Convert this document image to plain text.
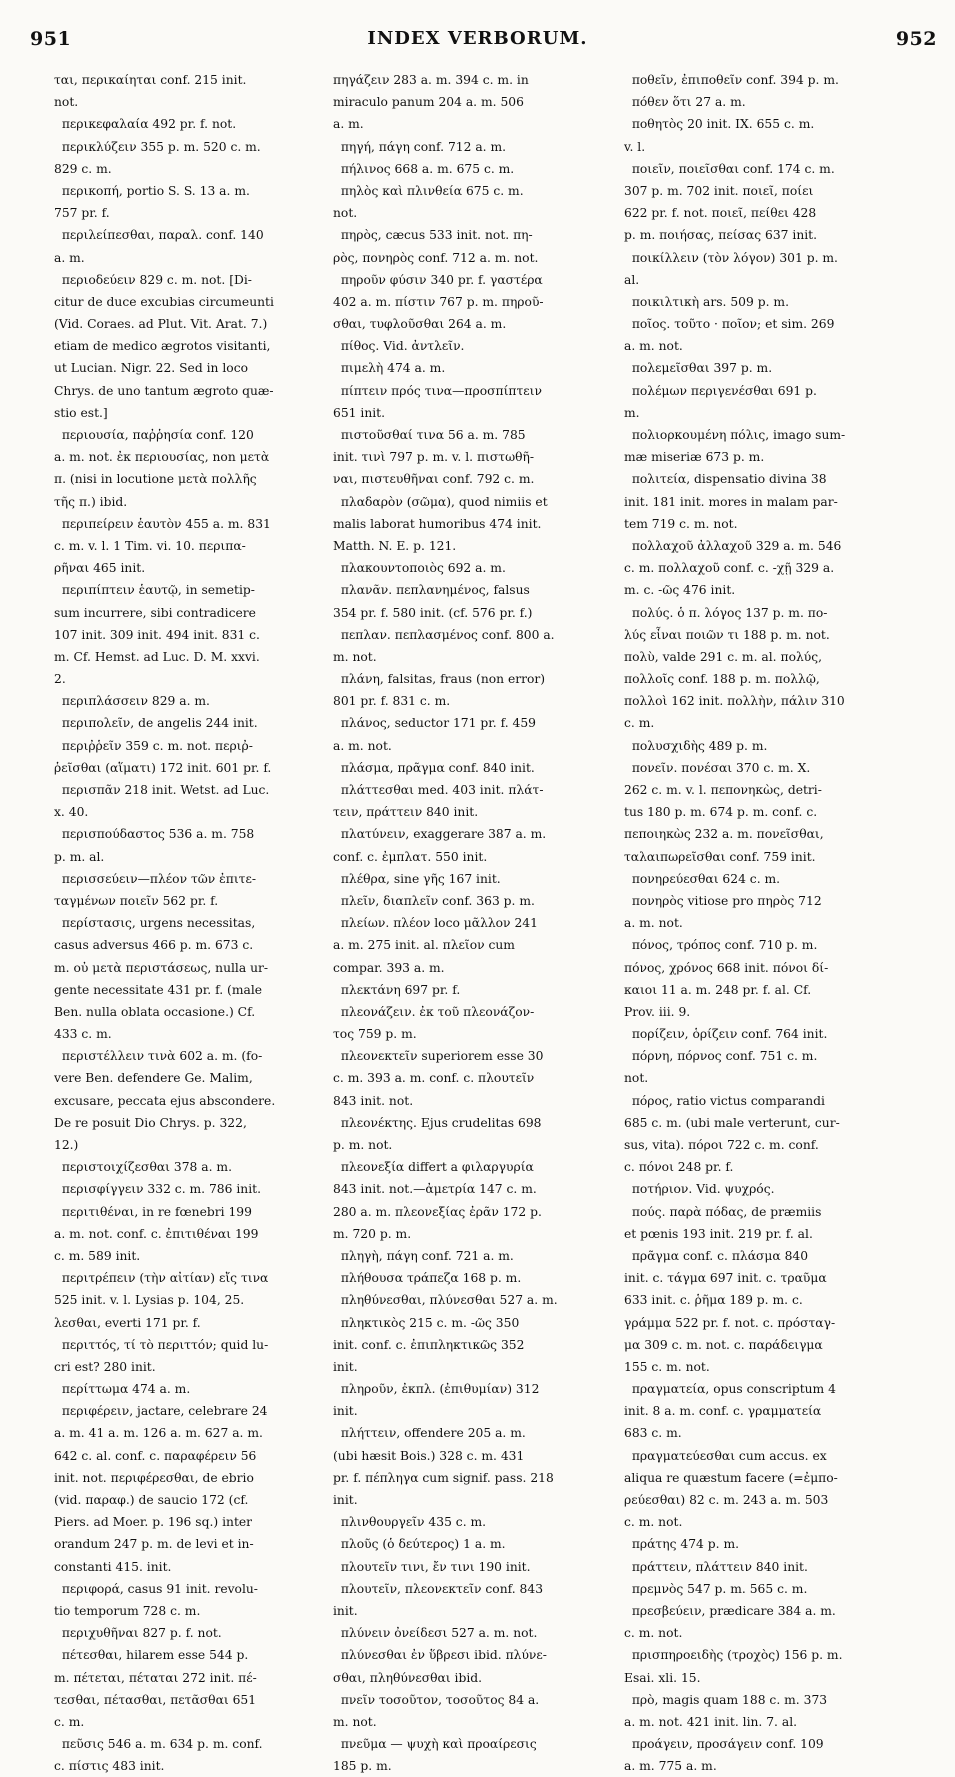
951	INDEX VERBORUM.	952
ται, περικαίηται conf. 215 init.
not.
περικεφαλαία 492 pr. f. not.
περικλύζειν 355 p. m. 520 c. m.
829 c. m.
περικοπή, portio S. S. 13 a. m.
757 pr. f.
περιλείπεσθαι, παραλ. conf. 140
a. m.
περιοδεύειν 829 c. m. not. [Di-
citur de duce excubias circumeunti
(Vid. Coraes. ad Plut. Vit. Arat. 7.)
etiam de medico ægrotos visitanti,
ut Lucian. Nigr. 22. Sed in loco
Chrys. de uno tantum ægroto quæ-
stio est.]
περιουσία, παῤῥησία conf. 120
a. m. not. ἐκ περιουσίας, non μετὰ
π. (nisi in locutione μετὰ πολλῆς
τῆς π.) ibid.
περιπείρειν ἑαυτὸν 455 a. m. 831
c. m. v. l. 1 Tim. vi. 10. περιπα-
ρῆναι 465 init.
περιπίπτειν ἑαυτῷ, in semetip-
sum incurrere, sibi contradicere
107 init. 309 init. 494 init. 831 c.
m. Cf. Hemst. ad Luc. D. M. xxvi.
2.
περιπλάσσειν 829 a. m.
περιπολεῖν, de angelis 244 init.
περιῤῥεῖν 359 c. m. not. περιῤ-
ῥεῖσθαι (αἵματι) 172 init. 601 pr. f.
περισπᾶν 218 init. Wetst. ad Luc.
x. 40.
περισπούδαστος 536 a. m. 758
p. m. al.
περισσεύειν—πλέον τῶν ἐπιτε-
ταγμένων ποιεῖν 562 pr. f.
περίστασις, urgens necessitas,
casus adversus 466 p. m. 673 c.
m. οὐ μετὰ περιστάσεως, nulla ur-
gente necessitate 431 pr. f. (male
Ben. nulla oblata occasione.) Cf.
433 c. m.
περιστέλλειν τινὰ 602 a. m. (fo-
vere Ben. defendere Ge. Malim,
excusare, peccata ejus abscondere.
De re posuit Dio Chrys. p. 322,
12.)
περιστοιχίζεσθαι 378 a. m.
περισφίγγειν 332 c. m. 786 init.
περιτιθέναι, in re fœnebri 199
a. m. not. conf. c. ἐπιτιθέναι 199
c. m. 589 init.
περιτρέπειν (τὴν αἰτίαν) εἴς τινα
525 init. v. l. Lysias p. 104, 25.
λεσθαι, everti 171 pr. f.
περιττός, τί τὸ περιττόν; quid lu-
cri est? 280 init.
περίττωμα 474 a. m.
περιφέρειν, jactare, celebrare 24
a. m. 41 a. m. 126 a. m. 627 a. m.
642 c. al. conf. c. παραφέρειν 56
init. not. περιφέρεσθαι, de ebrio
(vid. παραφ.) de saucio 172 (cf.
Piers. ad Moer. p. 196 sq.) inter
orandum 247 p. m. de levi et in-
constanti 415. init.
περιφορά, casus 91 init. revolu-
tio temporum 728 c. m.
περιχυθῆναι 827 p. f. not.
πέτεσθαι, hilarem esse 544 p.
m. πέτεται, πέταται 272 init. πέ-
τεσθαι, πέτασθαι, πετᾶσθαι 651
c. m.
πεῦσις 546 a. m. 634 p. m. conf.
c. πίστις 483 init.
πηγάζειν 283 a. m. 394 c. m. in
miraculo panum 204 a. m. 506
a. m.
πηγή, πάγη conf. 712 a. m.
πήλινος 668 a. m. 675 c. m.
πηλὸς καὶ πλινθεία 675 c. m.
not.
πηρὸς, cæcus 533 init. not. πη-
ρὸς, πονηρὸς conf. 712 a. m. not.
πηροῦν φύσιν 340 pr. f. γαστέρα
402 a. m. πίστιν 767 p. m. πηροῦ-
σθαι, τυφλοῦσθαι 264 a. m.
πίθος. Vid. ἀντλεῖν.
πιμελὴ 474 a. m.
πίπτειν πρός τινα—προσπίπτειν
651 init.
πιστοῦσθαί τινα 56 a. m. 785
init. τινὶ 797 p. m. v. l. πιστωθῆ-
ναι, πιστευθῆναι conf. 792 c. m.
πλαδαρὸν (σῶμα), quod nimiis et
malis laborat humoribus 474 init.
Matth. N. E. p. 121.
πλακουντοποιὸς 692 a. m.
πλανᾶν. πεπλανημένος, falsus
354 pr. f. 580 init. (cf. 576 pr. f.)
πεπλαν. πεπλασμένος conf. 800 a.
m. not.
πλάνη, falsitas, fraus (non error)
801 pr. f. 831 c. m.
πλάνος, seductor 171 pr. f. 459
a. m. not.
πλάσμα, πρᾶγμα conf. 840 init.
πλάττεσθαι med. 403 init. πλάτ-
τειν, πράττειν 840 init.
πλατύνειν, exaggerare 387 a. m.
conf. c. ἐμπλατ. 550 init.
πλέθρα, sine γῆς 167 init.
πλεῖν, διαπλεῖν conf. 363 p. m.
πλείων. πλέον loco μᾶλλον 241
a. m. 275 init. al. πλεῖον cum
compar. 393 a. m.
πλεκτάνη 697 pr. f.
πλεονάζειν. ἐκ τοῦ πλεονάζον-
τος 759 p. m.
πλεονεκτεῖν superiorem esse 30
c. m. 393 a. m. conf. c. πλουτεῖν
843 init. not.
πλεονέκτης. Ejus crudelitas 698
p. m. not.
πλεονεξία differt a φιλαργυρία
843 init. not.—ἀμετρία 147 c. m.
280 a. m. πλεονεξίας ἐρᾶν 172 p.
m. 720 p. m.
πληγὴ, πάγη conf. 721 a. m.
πλήθουσα τράπεζα 168 p. m.
πληθύνεσθαι, πλύνεσθαι 527 a. m.
πληκτικὸς 215 c. m. -ῶς 350
init. conf. c. ἐπιπληκτικῶς 352
init.
πληροῦν, ἐκπλ. (ἐπιθυμίαν) 312
init.
πλήττειν, offendere 205 a. m.
(ubi hæsit Bois.) 328 c. m. 431
pr. f. πέπληγα cum signif. pass. 218
init.
πλινθουργεῖν 435 c. m.
πλοῦς (ὁ δεύτερος) 1 a. m.
πλουτεῖν τινι, ἔν τινι 190 init.
πλουτεῖν, πλεονεκτεῖν conf. 843
init.
πλύνειν ὀνείδεσι 527 a. m. not.
πλύνεσθαι ἐν ὕβρεσι ibid. πλύνε-
σθαι, πληθύνεσθαι ibid.
πνεῖν τοσοῦτον, τοσοῦτος 84 a.
m. not.
πνεῦμα — ψυχὴ καὶ προαίρεσις
185 p. m.
ποθεῖν, ἐπιποθεῖν conf. 394 p. m.
πόθεν ὅτι 27 a. m.
ποθητὸς 20 init. IX. 655 c. m.
v. l.
ποιεῖν, ποιεῖσθαι conf. 174 c. m.
307 p. m. 702 init. ποιεῖ, ποίει
622 pr. f. not. ποιεῖ, πείθει 428
p. m. ποιήσας, πείσας 637 init.
ποικίλλειν (τὸν λόγον) 301 p. m.
al.
ποικιλτικὴ ars. 509 p. m.
ποῖος. τοῦτο · ποῖον; et sim. 269
a. m. not.
πολεμεῖσθαι 397 p. m.
πολέμων περιγενέσθαι 691 p.
m.
πολιορκουμένη πόλις, imago sum-
mæ miseriæ 673 p. m.
πολιτεία, dispensatio divina 38
init. 181 init. mores in malam par-
tem 719 c. m. not.
πολλαχοῦ ἀλλαχοῦ 329 a. m. 546
c. m. πολλαχοῦ conf. c. -χῇ 329 a.
m. c. -ῶς 476 init.
πολύς. ὁ π. λόγος 137 p. m. πο-
λύς εἶναι ποιῶν τι 188 p. m. not.
πολὺ, valde 291 c. m. al. πολύς,
πολλοῖς conf. 188 p. m. πολλῷ,
πολλοὶ 162 init. πολλὴν, πάλιν 310
c. m.
πολυσχιδὴς 489 p. m.
πονεῖν. πονέσαι 370 c. m. X.
262 c. m. v. l. πεπονηκὼς, detri-
tus 180 p. m. 674 p. m. conf. c.
πεποιηκὼς 232 a. m. πονεῖσθαι,
ταλαιπωρεῖσθαι conf. 759 init.
πονηρεύεσθαι 624 c. m.
πονηρὸς vitiose pro πηρὸς 712
a. m. not.
πόνος, τρόπος conf. 710 p. m.
πόνος, χρόνος 668 init. πόνοι δί-
καιοι 11 a. m. 248 pr. f. al. Cf.
Prov. iii. 9.
πορίζειν, ὁρίζειν conf. 764 init.
πόρνη, πόρνος conf. 751 c. m.
not.
πόρος, ratio victus comparandi
685 c. m. (ubi male verterunt, cur-
sus, vita). πόροι 722 c. m. conf.
c. πόνοι 248 pr. f.
ποτήριον. Vid. ψυχρός.
πούς. παρὰ πόδας, de præmiis
et pœnis 193 init. 219 pr. f. al.
πρᾶγμα conf. c. πλάσμα 840
init. c. τάγμα 697 init. c. τραῦμα
633 init. c. ῥῆμα 189 p. m. c.
γράμμα 522 pr. f. not. c. πρόσταγ-
μα 309 c. m. not. c. παράδειγμα
155 c. m. not.
πραγματεία, opus conscriptum 4
init. 8 a. m. conf. c. γραμματεία
683 c. m.
πραγματεύεσθαι cum accus. ex
aliqua re quæstum facere (=ἐμπο-
ρεύεσθαι) 82 c. m. 243 a. m. 503
c. m. not.
πράτης 474 p. m.
πράττειν, πλάττειν 840 init.
πρεμνὸς 547 p. m. 565 c. m.
πρεσβεύειν, prædicare 384 a. m.
c. m. not.
πρισπηροειδὴς (τροχὸς) 156 p. m.
Esai. xli. 15.
πρὸ, magis quam 188 c. m. 373
a. m. not. 421 init. lin. 7. al.
προάγειν, προσάγειν conf. 109
a. m. 775 a. m.
